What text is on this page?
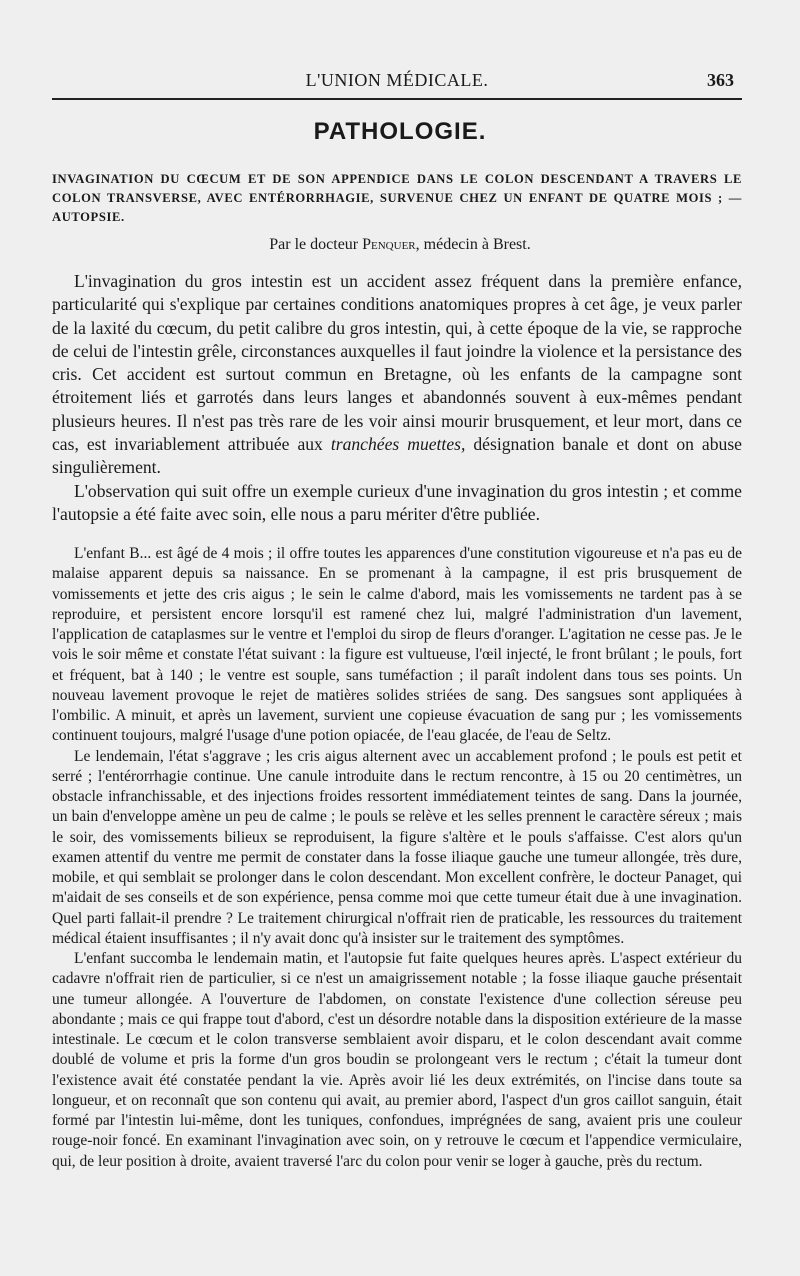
L'UNION MÉDICALE.	363
PATHOLOGIE.
INVAGINATION DU CŒCUM ET DE SON APPENDICE DANS LE COLON DESCENDANT A TRAVERS LE COLON TRANSVERSE, AVEC ENTÉRORRHAGIE, SURVENUE CHEZ UN ENFANT DE QUATRE MOIS ; — AUTOPSIE.
Par le docteur Penquer, médecin à Brest.

L'invagination du gros intestin est un accident assez fréquent dans la première enfance, particularité qui s'explique par certaines conditions anatomiques propres à cet âge, je veux parler de la laxité du cœcum, du petit calibre du gros intestin, qui, à cette époque de la vie, se rapproche de celui de l'intestin grêle, circonstances auxquelles il faut joindre la violence et la persistance des cris. Cet accident est surtout commun en Bretagne, où les enfants de la campagne sont étroitement liés et garrotés dans leurs langes et abandonnés souvent à eux-mêmes pendant plusieurs heures. Il n'est pas très rare de les voir ainsi mourir brusquement, et leur mort, dans ce cas, est invariablement attribuée aux tranchées muettes, désignation banale et dont on abuse singulièrement.

L'observation qui suit offre un exemple curieux d'une invagination du gros intestin ; et comme l'autopsie a été faite avec soin, elle nous a paru mériter d'être publiée.

L'enfant B... est âgé de 4 mois ; il offre toutes les apparences d'une constitution vigoureuse et n'a pas eu de malaise apparent depuis sa naissance. En se promenant à la campagne, il est pris brusquement de vomissements et jette des cris aigus ; le sein le calme d'abord, mais les vomissements ne tardent pas à se reproduire, et persistent encore lorsqu'il est ramené chez lui, malgré l'administration d'un lavement, l'application de cataplasmes sur le ventre et l'emploi du sirop de fleurs d'oranger. L'agitation ne cesse pas. Je le vois le soir même et constate l'état suivant : la figure est vultueuse, l'œil injecté, le front brûlant ; le pouls, fort et fréquent, bat à 140 ; le ventre est souple, sans tuméfaction ; il paraît indolent dans tous ses points. Un nouveau lavement provoque le rejet de matières solides striées de sang. Des sangsues sont appliquées à l'ombilic. A minuit, et après un lavement, survient une copieuse évacuation de sang pur ; les vomissements continuent toujours, malgré l'usage d'une potion opiacée, de l'eau glacée, de l'eau de Seltz.

Le lendemain, l'état s'aggrave ; les cris aigus alternent avec un accablement profond ; le pouls est petit et serré ; l'entérorrhagie continue. Une canule introduite dans le rectum rencontre, à 15 ou 20 centimètres, un obstacle infranchissable, et des injections froides ressortent immédiatement teintes de sang. Dans la journée, un bain d'enveloppe amène un peu de calme ; le pouls se relève et les selles prennent le caractère séreux ; mais le soir, des vomissements bilieux se reproduisent, la figure s'altère et le pouls s'affaisse. C'est alors qu'un examen attentif du ventre me permit de constater dans la fosse iliaque gauche une tumeur allongée, très dure, mobile, et qui semblait se prolonger dans le colon descendant. Mon excellent confrère, le docteur Panaget, qui m'aidait de ses conseils et de son expérience, pensa comme moi que cette tumeur était due à une invagination. Quel parti fallait-il prendre ? Le traitement chirurgical n'offrait rien de praticable, les ressources du traitement médical étaient insuffisantes ; il n'y avait donc qu'à insister sur le traitement des symptômes.

L'enfant succomba le lendemain matin, et l'autopsie fut faite quelques heures après. L'aspect extérieur du cadavre n'offrait rien de particulier, si ce n'est un amaigrissement notable ; la fosse iliaque gauche présentait une tumeur allongée. A l'ouverture de l'abdomen, on constate l'existence d'une collection séreuse peu abondante ; mais ce qui frappe tout d'abord, c'est un désordre notable dans la disposition extérieure de la masse intestinale. Le cœcum et le colon transverse semblaient avoir disparu, et le colon descendant avait comme doublé de volume et pris la forme d'un gros boudin se prolongeant vers le rectum ; c'était la tumeur dont l'existence avait été constatée pendant la vie. Après avoir lié les deux extrémités, on l'incise dans toute sa longueur, et on reconnaît que son contenu qui avait, au premier abord, l'aspect d'un gros caillot sanguin, était formé par l'intestin lui-même, dont les tuniques, confondues, imprégnées de sang, avaient pris une couleur rouge-noir foncé. En examinant l'invagination avec soin, on y retrouve le cœcum et l'appendice vermiculaire, qui, de leur position à droite, avaient traversé l'arc du colon pour venir se loger à gauche, près du rectum.
